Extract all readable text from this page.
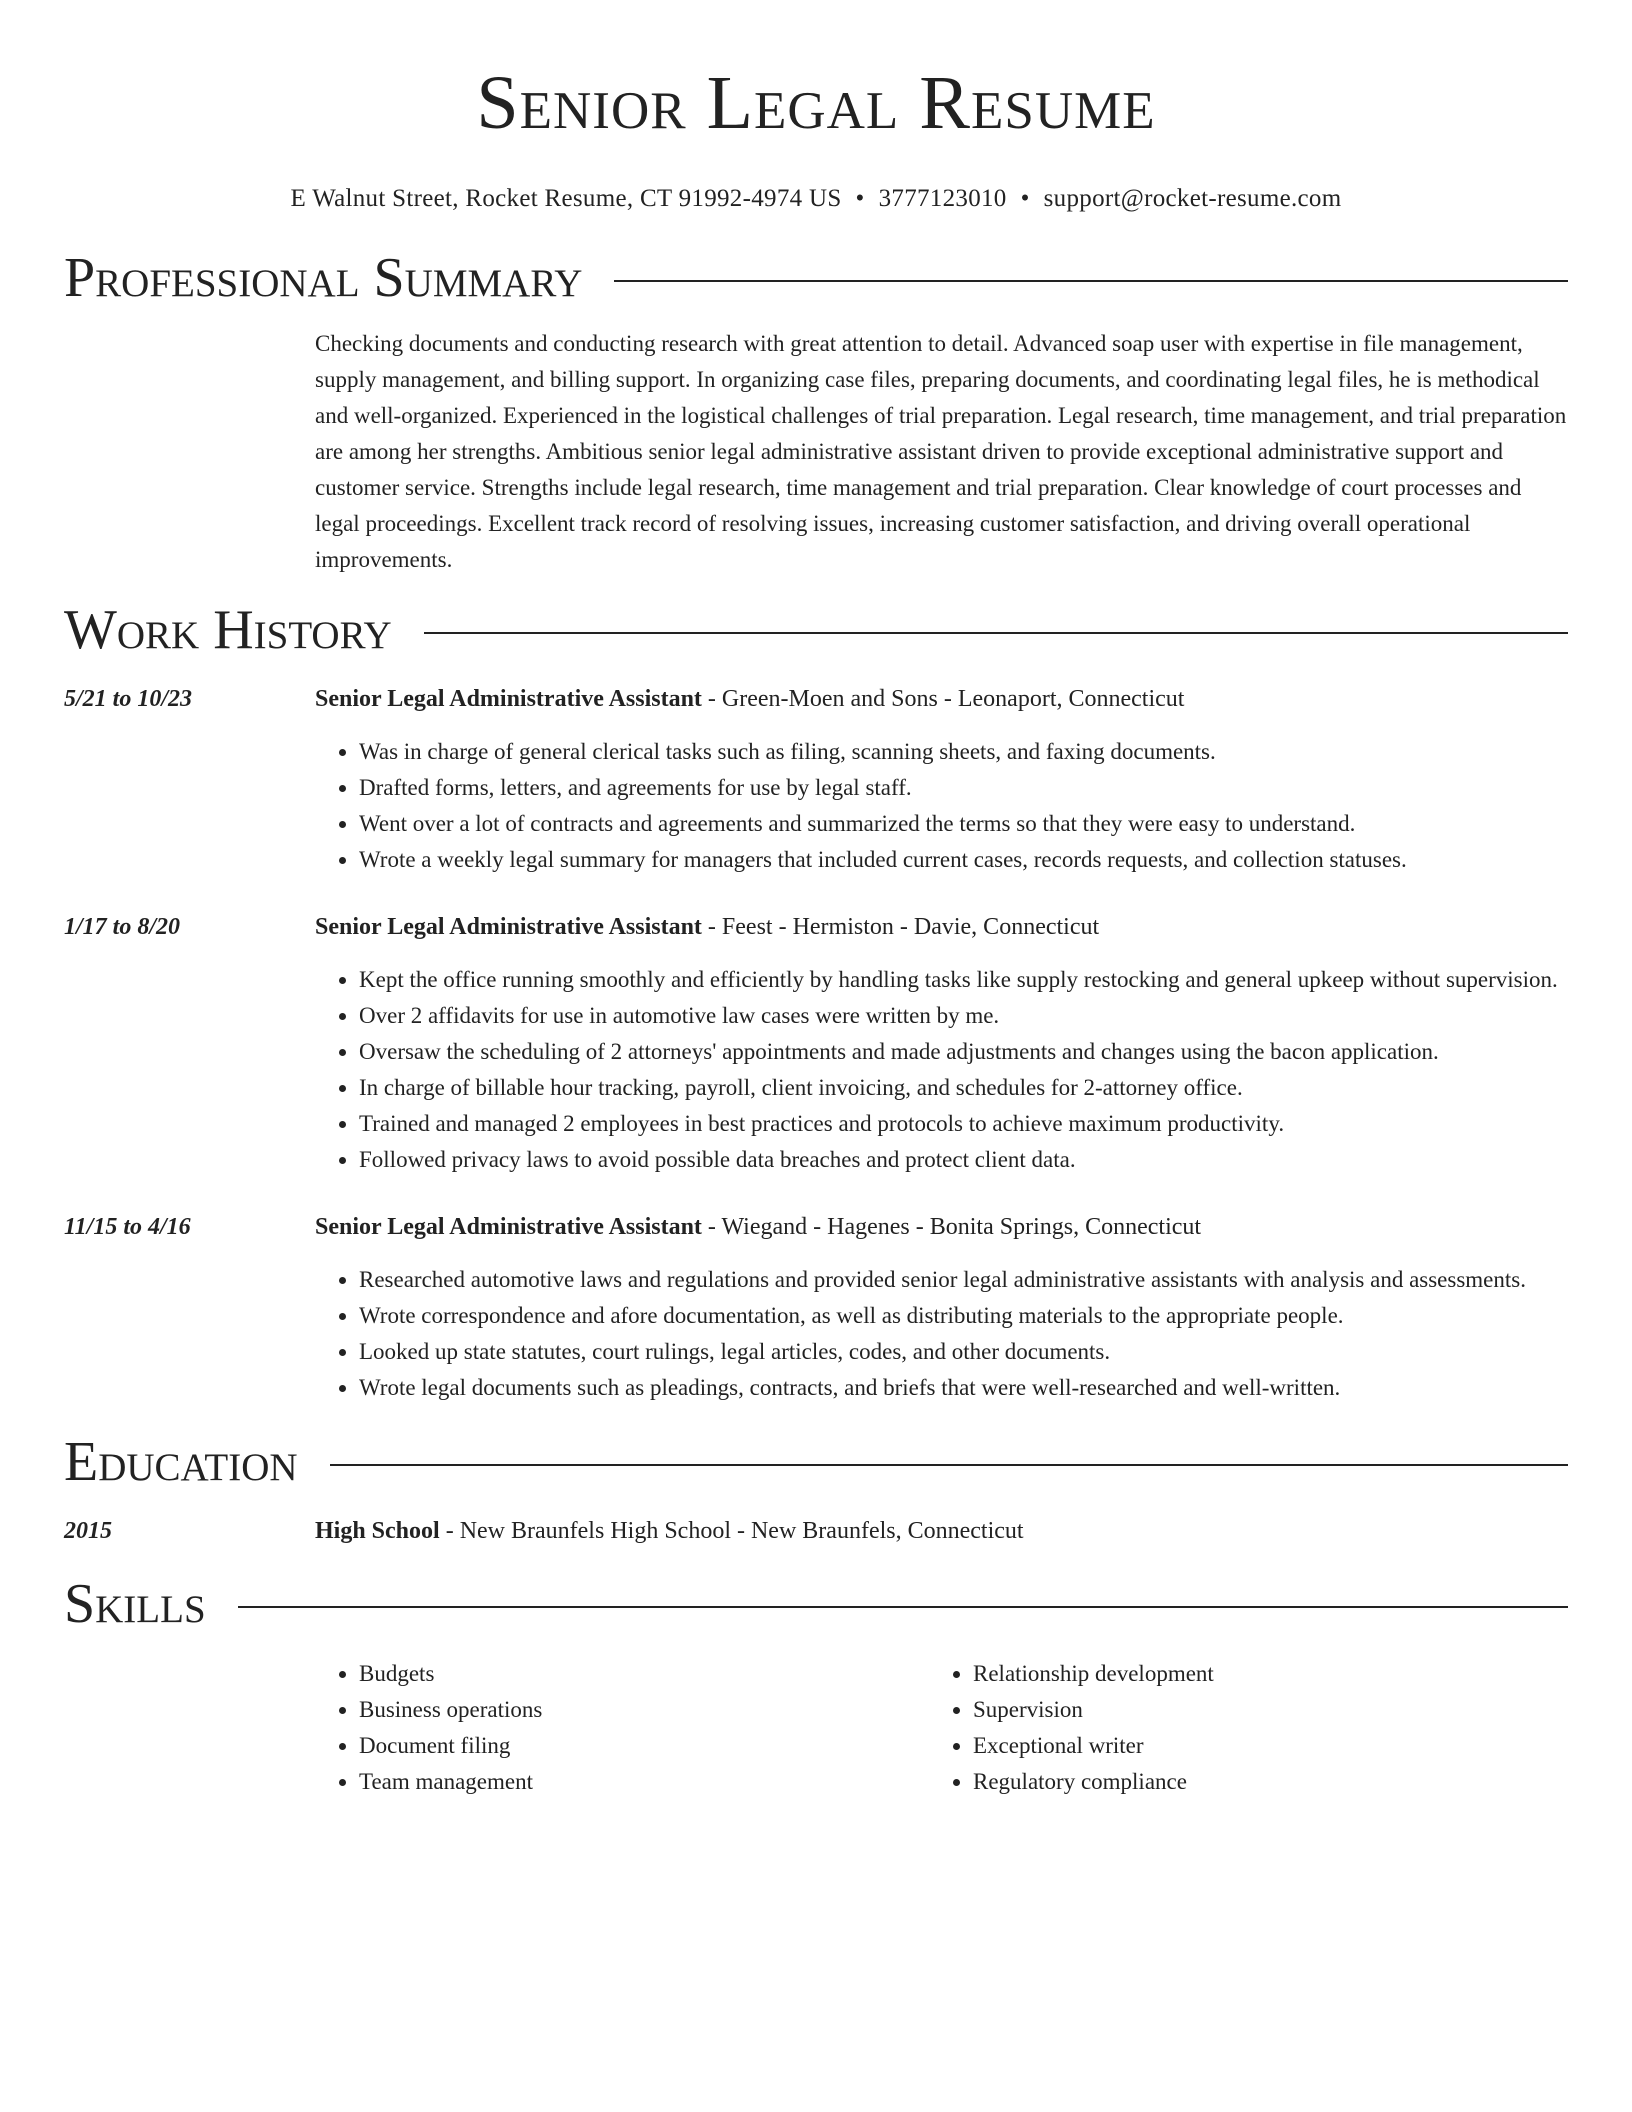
Senior Legal Resume
E Walnut Street, Rocket Resume, CT 91992-4974 US • 3777123010 • support@rocket-resume.com
Professional Summary
Checking documents and conducting research with great attention to detail. Advanced soap user with expertise in file management, supply management, and billing support. In organizing case files, preparing documents, and coordinating legal files, he is methodical and well-organized. Experienced in the logistical challenges of trial preparation. Legal research, time management, and trial preparation are among her strengths. Ambitious senior legal administrative assistant driven to provide exceptional administrative support and customer service. Strengths include legal research, time management and trial preparation. Clear knowledge of court processes and legal proceedings. Excellent track record of resolving issues, increasing customer satisfaction, and driving overall operational improvements.
Work History
5/21 to 10/23	Senior Legal Administrative Assistant - Green-Moen and Sons - Leonaport, Connecticut
• Was in charge of general clerical tasks such as filing, scanning sheets, and faxing documents.
• Drafted forms, letters, and agreements for use by legal staff.
• Went over a lot of contracts and agreements and summarized the terms so that they were easy to understand.
• Wrote a weekly legal summary for managers that included current cases, records requests, and collection statuses.
1/17 to 8/20	Senior Legal Administrative Assistant - Feest - Hermiston - Davie, Connecticut
• Kept the office running smoothly and efficiently by handling tasks like supply restocking and general upkeep without supervision.
• Over 2 affidavits for use in automotive law cases were written by me.
• Oversaw the scheduling of 2 attorneys' appointments and made adjustments and changes using the bacon application.
• In charge of billable hour tracking, payroll, client invoicing, and schedules for 2-attorney office.
• Trained and managed 2 employees in best practices and protocols to achieve maximum productivity.
• Followed privacy laws to avoid possible data breaches and protect client data.
11/15 to 4/16	Senior Legal Administrative Assistant - Wiegand - Hagenes - Bonita Springs, Connecticut
• Researched automotive laws and regulations and provided senior legal administrative assistants with analysis and assessments.
• Wrote correspondence and afore documentation, as well as distributing materials to the appropriate people.
• Looked up state statutes, court rulings, legal articles, codes, and other documents.
• Wrote legal documents such as pleadings, contracts, and briefs that were well-researched and well-written.
Education
2015	High School - New Braunfels High School - New Braunfels, Connecticut
Skills
• Budgets
• Business operations
• Document filing
• Team management
• Relationship development
• Supervision
• Exceptional writer
• Regulatory compliance
